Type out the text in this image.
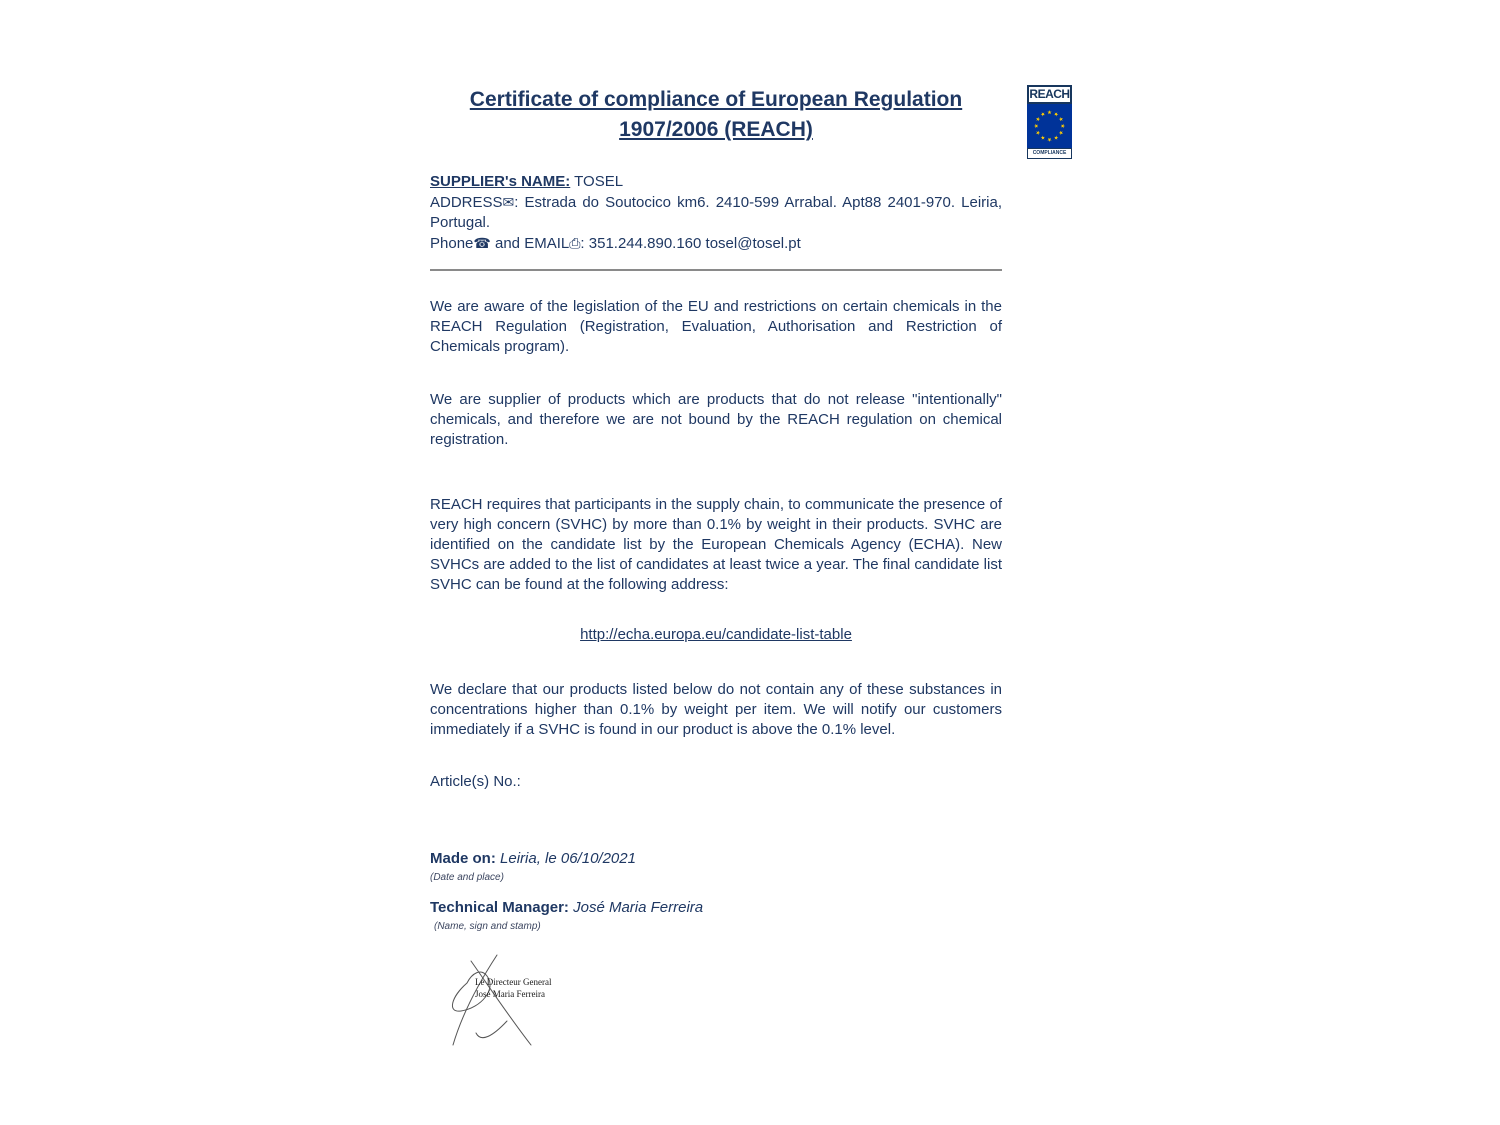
REACH
COMPLIANCE
Certificate of compliance of European Regulation
1907/2006 (REACH)

SUPPLIER's NAME: TOSEL

ADDRESS✉: Estrada do Soutocico km6. 2410-599 Arrabal. Apt88 2401-970. Leiria, Portugal.

Phone☎ and EMAIL⎙: 351.244.890.160 tosel@tosel.pt

We are aware of the legislation of the EU and restrictions on certain chemicals in the REACH Regulation (Registration, Evaluation, Authorisation and Restriction of Chemicals program).

We are supplier of products which are products that do not release "intentionally" chemicals, and therefore we are not bound by the REACH regulation on chemical registration.

REACH requires that participants in the supply chain, to communicate the presence of very high concern (SVHC) by more than 0.1% by weight in their products. SVHC are identified on the candidate list by the European Chemicals Agency (ECHA). New SVHCs are added to the list of candidates at least twice a year. The final candidate list SVHC can be found at the following address:

http://echa.europa.eu/candidate-list-table

We declare that our products listed below do not contain any of these substances in concentrations higher than 0.1% by weight per item. We will notify our customers immediately if a SVHC is found in our product is above the 0.1% level.

Article(s) No.:

Made on: Leiria, le 06/10/2021

(Date and place)

Technical Manager: José Maria Ferreira

(Name, sign and stamp)

Le Directeur General
José Maria Ferreira
